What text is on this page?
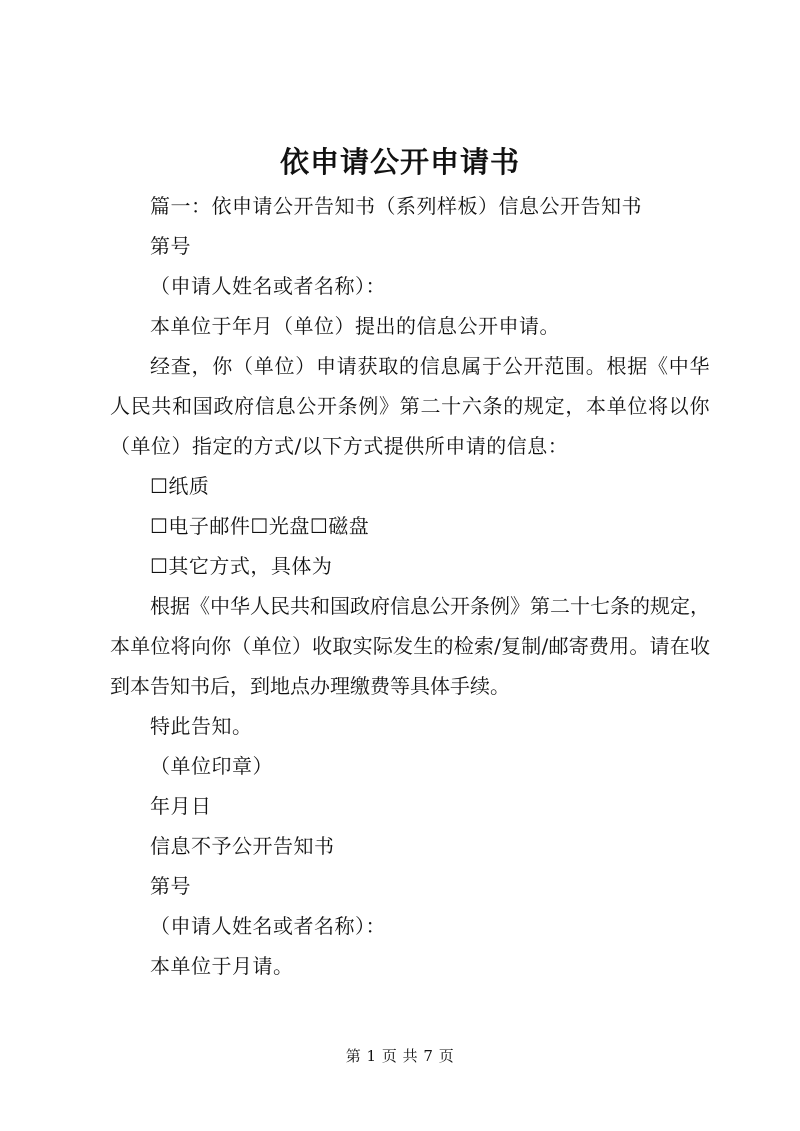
依申请公开申请书

篇一：依申请公开告知书（系列样板）信息公开告知书

第号

（申请人姓名或者名称）：

本单位于年月（单位）提出的信息公开申请。

经查，你（单位）申请获取的信息属于公开范围。根据《中华人民共和国政府信息公开条例》第二十六条的规定，本单位将以你（单位）指定的方式/以下方式提供所申请的信息：

☐纸质

☐电子邮件☐光盘☐磁盘

☐其它方式，具体为

根据《中华人民共和国政府信息公开条例》第二十七条的规定，本单位将向你（单位）收取实际发生的检索/复制/邮寄费用。请在收到本告知书后，到地点办理缴费等具体手续。

特此告知。

（单位印章）

年月日

信息不予公开告知书

第号

（申请人姓名或者名称）：

本单位于月请。

第 1 页 共 7 页
